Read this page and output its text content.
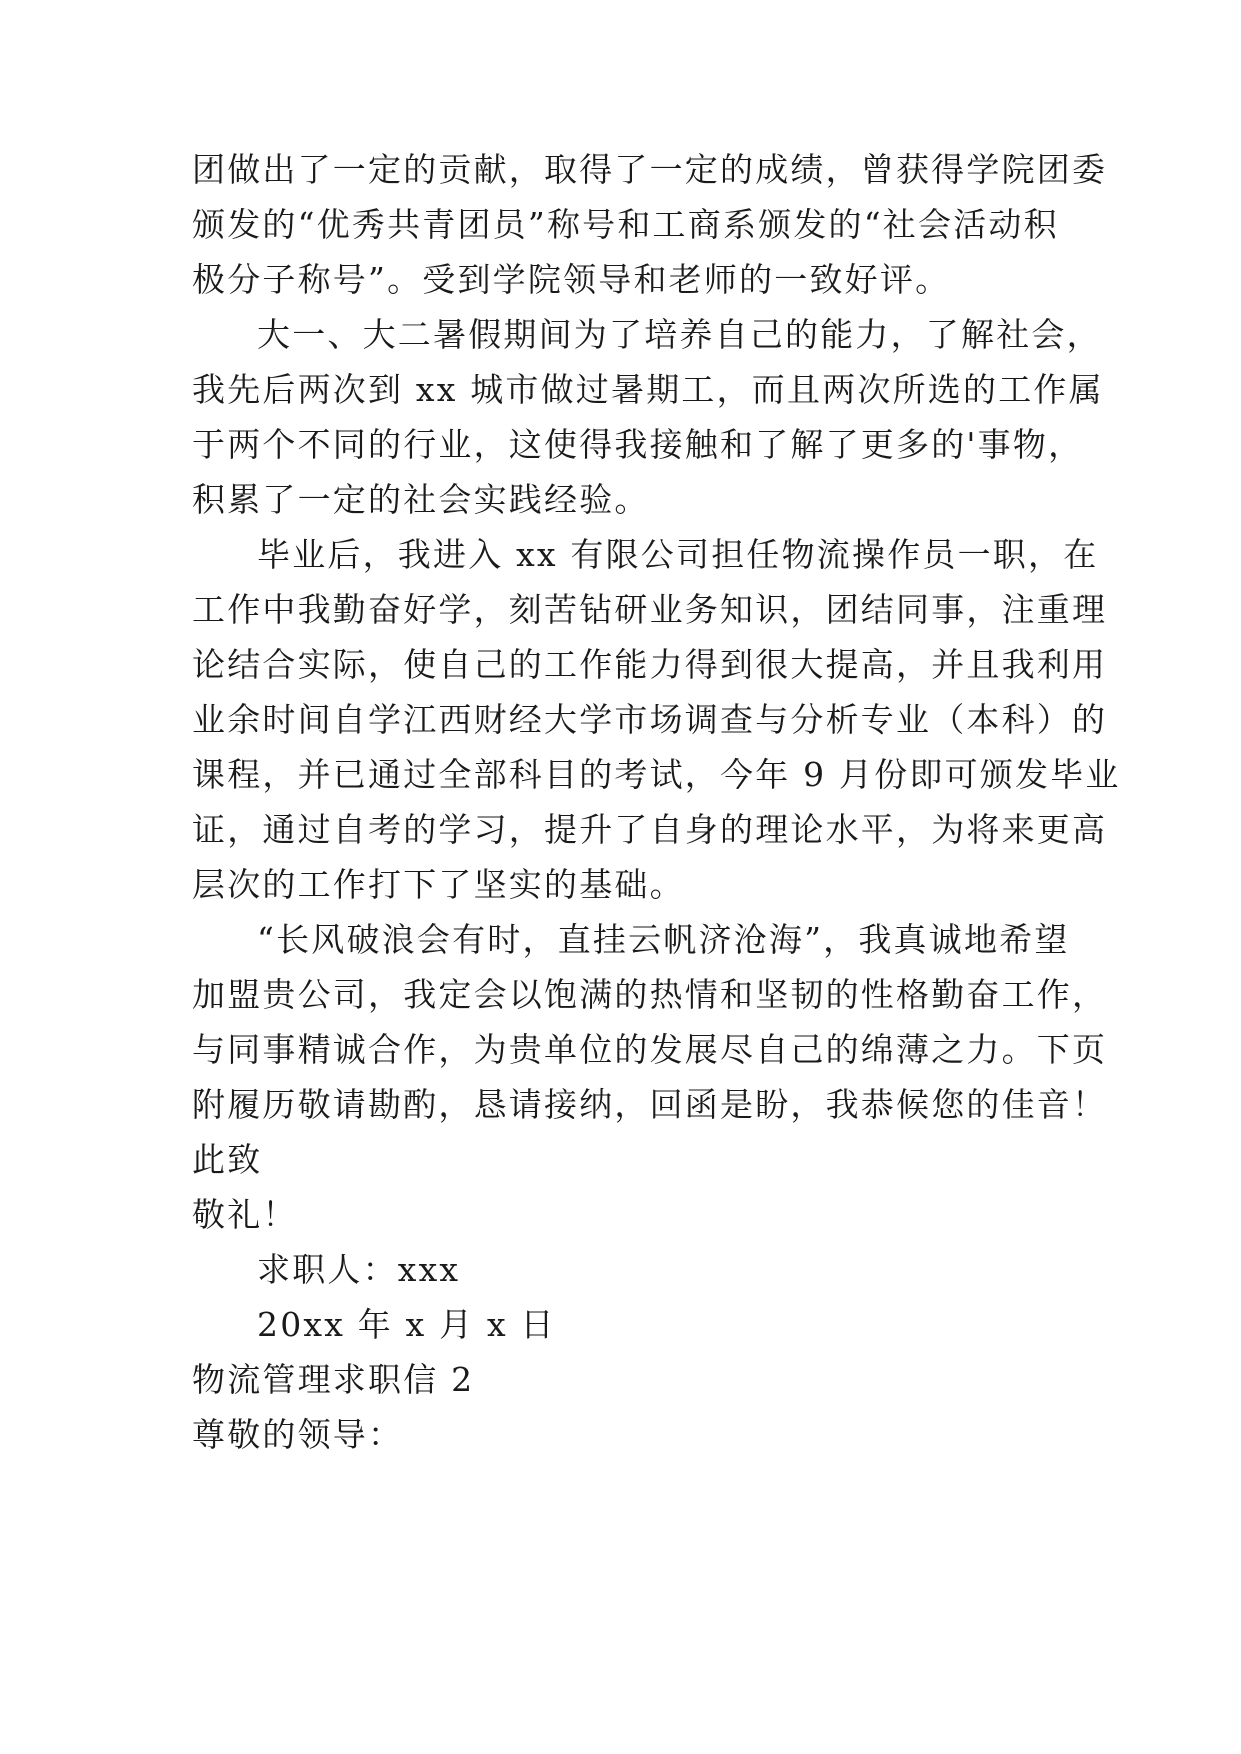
团做出了一定的贡献，取得了一定的成绩，曾获得学院团委
颁发的“优秀共青团员”称号和工商系颁发的“社会活动积
极分子称号”。受到学院领导和老师的一致好评。
大一、大二暑假期间为了培养自己的能力，了解社会，
我先后两次到 xx 城市做过暑期工，而且两次所选的工作属
于两个不同的行业，这使得我接触和了解了更多的'事物，
积累了一定的社会实践经验。
毕业后，我进入 xx 有限公司担任物流操作员一职，在
工作中我勤奋好学，刻苦钻研业务知识，团结同事，注重理
论结合实际，使自己的工作能力得到很大提高，并且我利用
业余时间自学江西财经大学市场调查与分析专业（本科）的
课程，并已通过全部科目的考试，今年 9 月份即可颁发毕业
证，通过自考的学习，提升了自身的理论水平，为将来更高
层次的工作打下了坚实的基础。
“长风破浪会有时，直挂云帆济沧海”，我真诚地希望
加盟贵公司，我定会以饱满的热情和坚韧的性格勤奋工作，
与同事精诚合作，为贵单位的发展尽自己的绵薄之力。下页
附履历敬请勘酌，恳请接纳，回函是盼，我恭候您的佳音！
此致
敬礼！
求职人：xxx
20xx 年 x 月 x 日
物流管理求职信 2
尊敬的领导：
